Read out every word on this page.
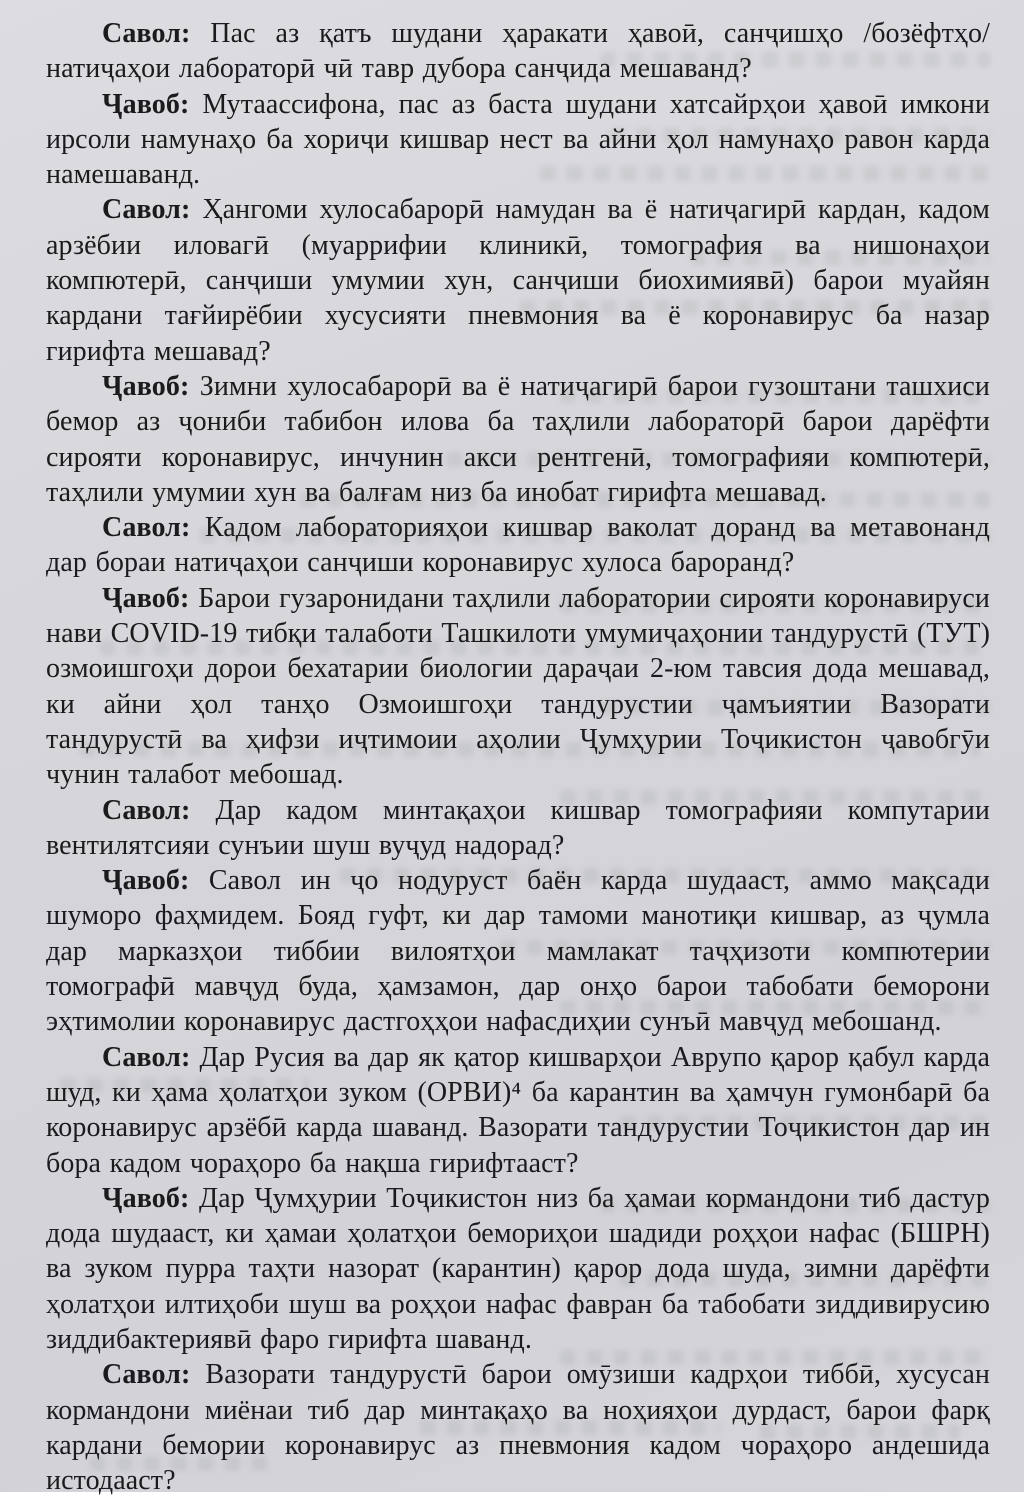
Савол: Пас аз қатъ шудани ҳаракати ҳавоӣ, санҷишҳо /бозёфтҳо/натиҷаҳои лабораторӣ чӣ тавр дубора санҷида мешаванд?

Ҷавоб: Мутаассифона, пас аз баста шудани хатсайрҳои ҳавоӣ имкони ирсоли намунаҳо ба хориҷи кишвар нест ва айни ҳол намунаҳо равон карда намешаванд.

Савол: Ҳангоми хулосабарорӣ намудан ва ё натиҷагирӣ кардан, кадом арзёбии иловагӣ (муаррифии клиникӣ, томография ва нишонаҳои компютерӣ, санҷиши умумии хун, санҷиши биохимиявӣ) барои муайян кардани тағйирёбии хусусияти пневмония ва ё коронавирус ба назар гирифта мешавад?

Ҷавоб: Зимни хулосабарорӣ ва ё натиҷагирӣ барои гузоштани ташхиси бемор аз ҷониби табибон илова ба таҳлили лабораторӣ барои дарёфти сирояти коронавирус, инчунин акси рентгенӣ, томографияи компютерӣ, таҳлили умумии хун ва балғам низ ба инобат гирифта мешавад.

Савол: Кадом лабораторияҳои кишвар ваколат доранд ва метавонанд дар бораи натиҷаҳои санҷиши коронавирус хулоса бароранд?

Ҷавоб: Барои гузаронидани таҳлили лаборатории сирояти коронавируси нави COVID-19 тибқи талаботи Ташкилоти умумиҷаҳонии тандурустӣ (ТУТ) озмоишгоҳи дорои бехатарии биологии дараҷаи 2-юм тавсия дода мешавад, ки айни ҳол танҳо Озмоишгоҳи тандурустии ҷамъиятии Вазорати тандурустӣ ва ҳифзи иҷтимоии аҳолии Ҷумҳурии Тоҷикистон ҷавобгӯи чунин талабот мебошад.

Савол: Дар кадом минтақаҳои кишвар томографияи компутарии вентилятсияи сунъии шуш вуҷуд надорад?

Ҷавоб: Савол ин ҷо нодуруст баён карда шудааст, аммо мақсади шуморо фаҳмидем. Бояд гуфт, ки дар тамоми манотиқи кишвар, аз ҷумла дар марказҳои тиббии вилоятҳои мамлакат таҷҳизоти компютерии томографӣ мавҷуд буда, ҳамзамон, дар онҳо барои табобати беморони эҳтимолии коронавирус дастгоҳҳои нафасдиҳии сунъӣ мавҷуд мебошанд.

Савол: Дар Русия ва дар як қатор кишварҳои Аврупо қарор қабул карда шуд, ки ҳама ҳолатҳои зуком (ОРВИ)⁴ ба карантин ва ҳамчун гумонбарӣ ба коронавирус арзёбӣ карда шаванд. Вазорати тандурустии Тоҷикистон дар ин бора кадом чораҳоро ба нақша гирифтааст?

Ҷавоб: Дар Ҷумҳурии Тоҷикистон низ ба ҳамаи кормандони тиб дастур дода шудааст, ки ҳамаи ҳолатҳои бемориҳои шадиди роҳҳои нафас (БШРН) ва зуком пурра таҳти назорат (карантин) қарор дода шуда, зимни дарёфти ҳолатҳои илтиҳоби шуш ва роҳҳои нафас фавран ба табобати зиддивирусию зиддибактериявӣ фаро гирифта шаванд.

Савол: Вазорати тандурустӣ барои омӯзиши кадрҳои тиббӣ, хусусан кормандони миёнаи тиб дар минтақаҳо ва ноҳияҳои дурдаст, барои фарқ кардани бемории коронавирус аз пневмония кадом чораҳоро андешида истодааст?
